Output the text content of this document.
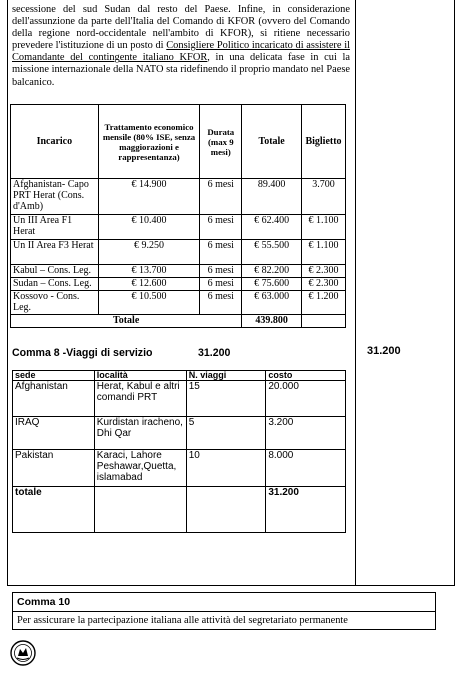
secessione del sud Sudan dal resto del Paese. Infine, in considerazione dell'assunzione da parte dell'Italia del Comando di KFOR (ovvero del Comando della regione nord-occidentale nell'ambito di KFOR), si ritiene necessario prevedere l'istituzione di un posto di Consigliere Politico incaricato di assistere il Comandante del contingente italiano KFOR, in una delicata fase in cui la missione internazionale della NATO sta ridefinendo il proprio mandato nel Paese balcanico.

Incarico	Trattamento economico mensile (80% ISE, senza maggiorazioni e rappresentanza)	Durata (max 9 mesi)	Totale	Biglietto
Afghanistan- Capo PRT Herat (Cons. d'Amb)	€ 14.900	6 mesi	89.400	3.700
Un III Area F1 Herat	€ 10.400	6 mesi	€ 62.400	€ 1.100
Un II Area F3 Herat	€ 9.250	6 mesi	€ 55.500	€ 1.100
Kabul – Cons. Leg.	€ 13.700	6 mesi	€ 82.200	€ 2.300
Sudan – Cons. Leg.	€ 12.600	6 mesi	€ 75.600	€ 2.300
Kossovo - Cons. Leg.	€ 10.500	6 mesi	€ 63.000	€ 1.200
Totale			439.800	
Comma 8 -Viaggi di servizio	31.200	31.200
sede	località	N. viaggi	costo
Afghanistan	Herat, Kabul e altri comandi PRT	15	20.000
IRAQ	Kurdistan iracheno, Dhi Qar	5	3.200
Pakistan	Karaci, Lahore Peshawar,Quetta, islamabad	10	8.000
totale			31.200
Comma 10
Per assicurare la partecipazione italiana alle attività del segretariato permanente
